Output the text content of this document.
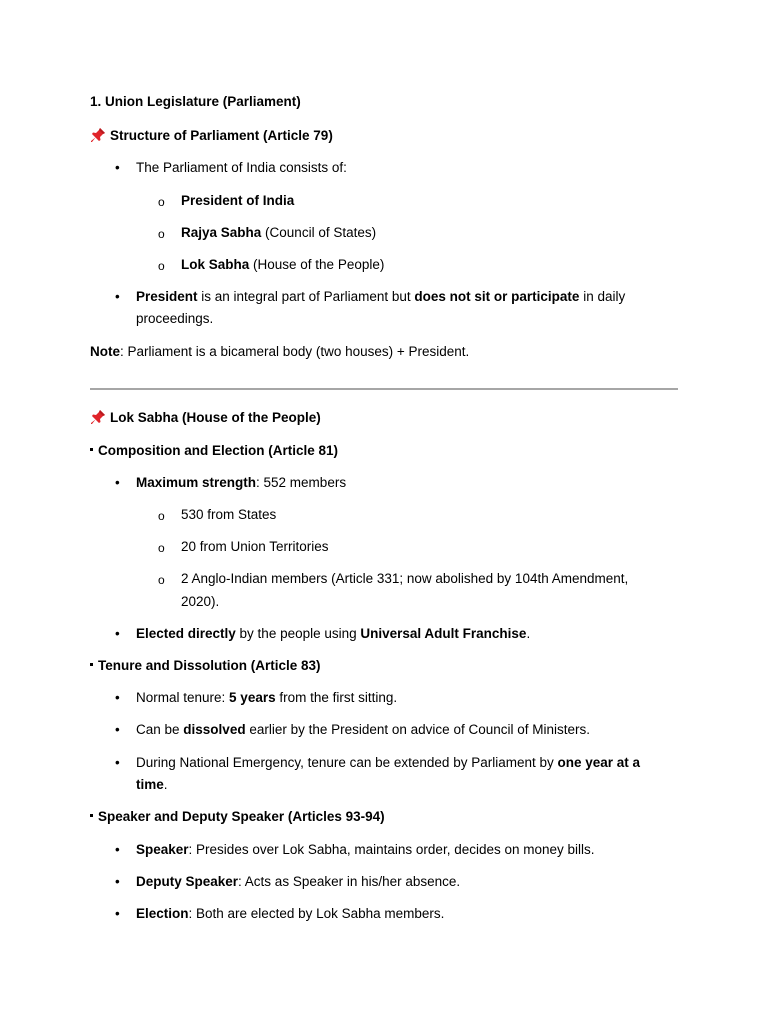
1. Union Legislature (Parliament)
Structure of Parliament (Article 79)
• The Parliament of India consists of:
o President of India
o Rajya Sabha (Council of States)
o Lok Sabha (House of the People)
• President is an integral part of Parliament but does not sit or participate in daily
proceedings.
Note: Parliament is a bicameral body (two houses) + President.
Lok Sabha (House of the People)
Composition and Election (Article 81)
• Maximum strength: 552 members
o 530 from States
o 20 from Union Territories
o 2 Anglo-Indian members (Article 331; now abolished by 104th Amendment,
2020).
• Elected directly by the people using Universal Adult Franchise.
Tenure and Dissolution (Article 83)
• Normal tenure: 5 years from the first sitting.
• Can be dissolved earlier by the President on advice of Council of Ministers.
• During National Emergency, tenure can be extended by Parliament by one year at a
time.
Speaker and Deputy Speaker (Articles 93-94)
• Speaker: Presides over Lok Sabha, maintains order, decides on money bills.
• Deputy Speaker: Acts as Speaker in his/her absence.
• Election: Both are elected by Lok Sabha members.
